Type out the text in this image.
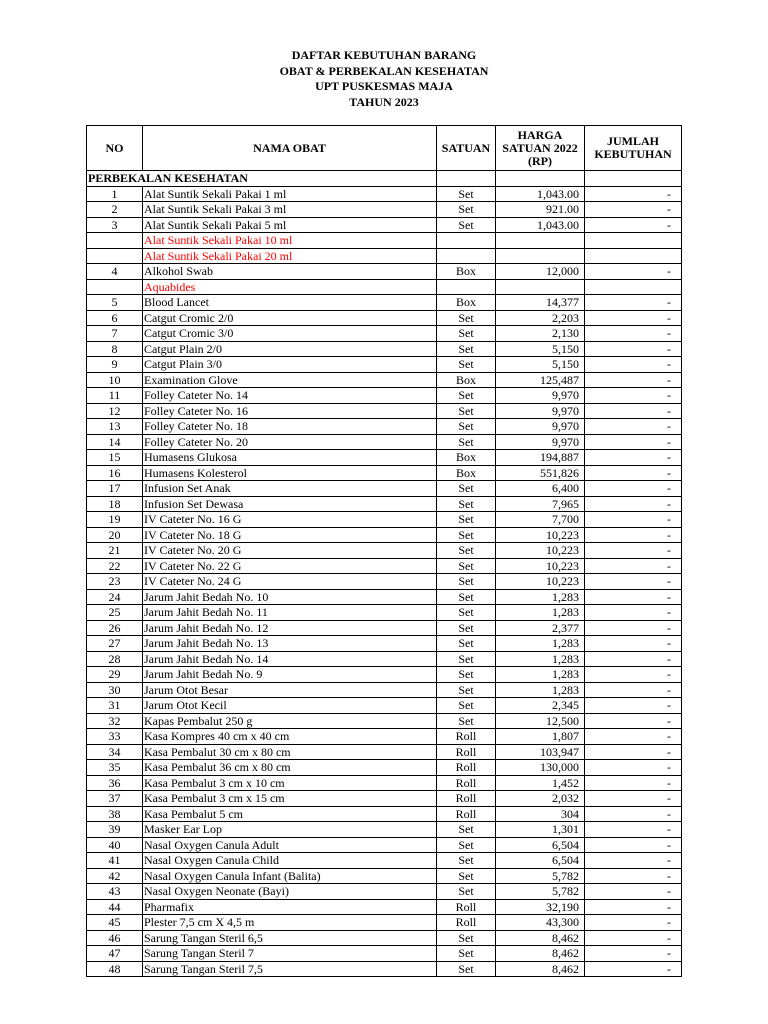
DAFTAR KEBUTUHAN BARANG
OBAT & PERBEKALAN KESEHATAN
UPT PUSKESMAS MAJA
TAHUN 2023
NO	NAMA OBAT	SATUAN	HARGA SATUAN 2022 (RP)	JUMLAH KEBUTUHAN
PERBEKALAN KESEHATAN				
1	Alat Suntik Sekali Pakai 1 ml	Set	1,043.00	-
2	Alat Suntik Sekali Pakai 3 ml	Set	921.00	-
3	Alat Suntik Sekali Pakai 5 ml	Set	1,043.00	-
	Alat Suntik Sekali Pakai 10 ml			
	Alat Suntik Sekali Pakai 20 ml			
4	Alkohol Swab	Box	12,000	-
	Aquabides			
5	Blood Lancet	Box	14,377	-
6	Catgut Cromic 2/0	Set	2,203	-
7	Catgut Cromic 3/0	Set	2,130	-
8	Catgut Plain 2/0	Set	5,150	-
9	Catgut Plain 3/0	Set	5,150	-
10	Examination Glove	Box	125,487	-
11	Folley Cateter No. 14	Set	9,970	-
12	Folley Cateter No. 16	Set	9,970	-
13	Folley Cateter No. 18	Set	9,970	-
14	Folley Cateter No. 20	Set	9,970	-
15	Humasens Glukosa	Box	194,887	-
16	Humasens Kolesterol	Box	551,826	-
17	Infusion Set Anak	Set	6,400	-
18	Infusion Set Dewasa	Set	7,965	-
19	IV Cateter No. 16 G	Set	7,700	-
20	IV Cateter No. 18 G	Set	10,223	-
21	IV Cateter No. 20 G	Set	10,223	-
22	IV Cateter No. 22 G	Set	10,223	-
23	IV Cateter No. 24 G	Set	10,223	-
24	Jarum Jahit Bedah No. 10	Set	1,283	-
25	Jarum Jahit Bedah No. 11	Set	1,283	-
26	Jarum Jahit Bedah No. 12	Set	2,377	-
27	Jarum Jahit Bedah No. 13	Set	1,283	-
28	Jarum Jahit Bedah No. 14	Set	1,283	-
29	Jarum Jahit Bedah No. 9	Set	1,283	-
30	Jarum Otot Besar	Set	1,283	-
31	Jarum Otot Kecil	Set	2,345	-
32	Kapas Pembalut 250 g	Set	12,500	-
33	Kasa Kompres 40 cm x 40 cm	Roll	1,807	-
34	Kasa Pembalut 30 cm x 80 cm	Roll	103,947	-
35	Kasa Pembalut 36 cm x 80 cm	Roll	130,000	-
36	Kasa Pembalut 3 cm x 10 cm	Roll	1,452	-
37	Kasa Pembalut 3 cm x 15 cm	Roll	2,032	-
38	Kasa Pembalut 5 cm	Roll	304	-
39	Masker Ear Lop	Set	1,301	-
40	Nasal Oxygen Canula Adult	Set	6,504	-
41	Nasal Oxygen Canula Child	Set	6,504	-
42	Nasal Oxygen Canula Infant (Balita)	Set	5,782	-
43	Nasal Oxygen Neonate (Bayi)	Set	5,782	-
44	Pharmafix	Roll	32,190	-
45	Plester 7,5 cm X 4,5 m	Roll	43,300	-
46	Sarung Tangan Steril 6,5	Set	8,462	-
47	Sarung Tangan Steril 7	Set	8,462	-
48	Sarung Tangan Steril 7,5	Set	8,462	-
